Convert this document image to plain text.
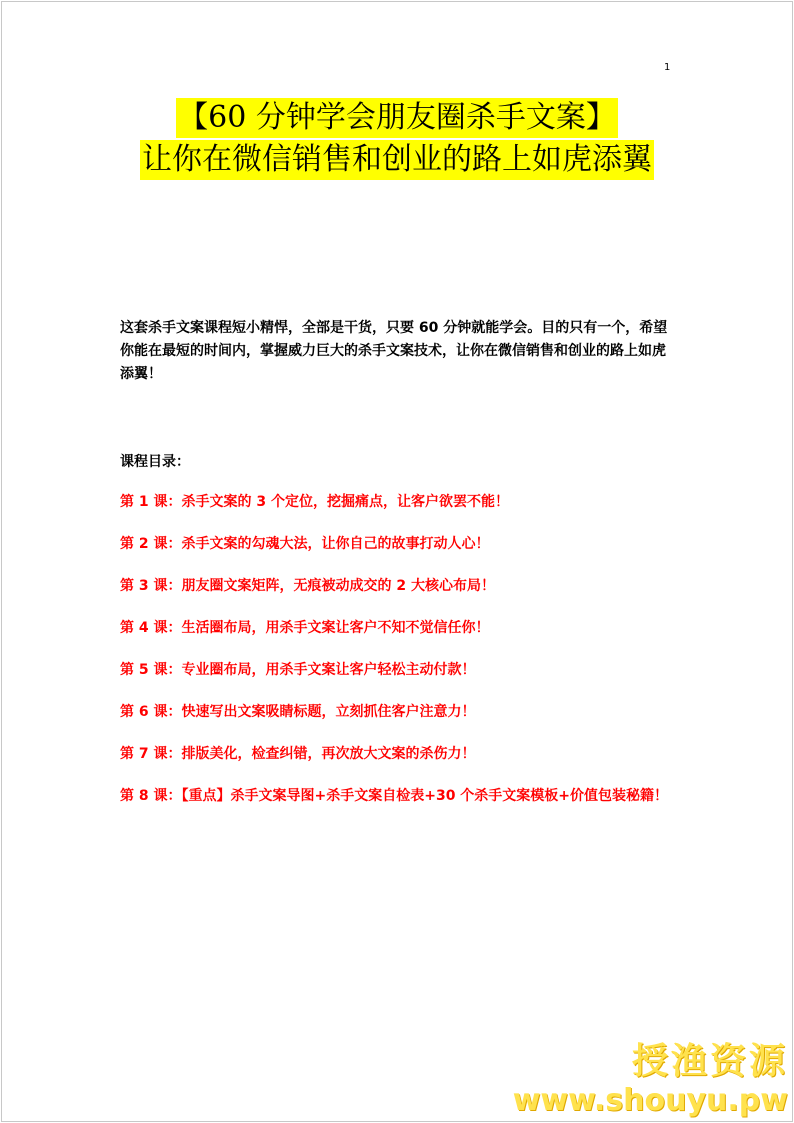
1
【60 分钟学会朋友圈杀手文案】
让你在微信销售和创业的路上如虎添翼

这套杀手文案课程短小精悍，全部是干货，只要 60 分钟就能学会。目的只有一个，希望你能在最短的时间内，掌握威力巨大的杀手文案技术，让你在微信销售和创业的路上如虎添翼！

课程目录：
第 1 课：杀手文案的 3 个定位，挖掘痛点，让客户欲罢不能！
第 2 课：杀手文案的勾魂大法，让你自己的故事打动人心！
第 3 课：朋友圈文案矩阵，无痕被动成交的 2 大核心布局！
第 4 课：生活圈布局，用杀手文案让客户不知不觉信任你！
第 5 课：专业圈布局，用杀手文案让客户轻松主动付款！
第 6 课：快速写出文案吸睛标题，立刻抓住客户注意力！
第 7 课：排版美化，检查纠错，再次放大文案的杀伤力！
第 8 课：【重点】杀手文案导图+杀手文案自检表+30 个杀手文案模板+价值包装秘籍！
授渔资源
www.shouyu.pw
